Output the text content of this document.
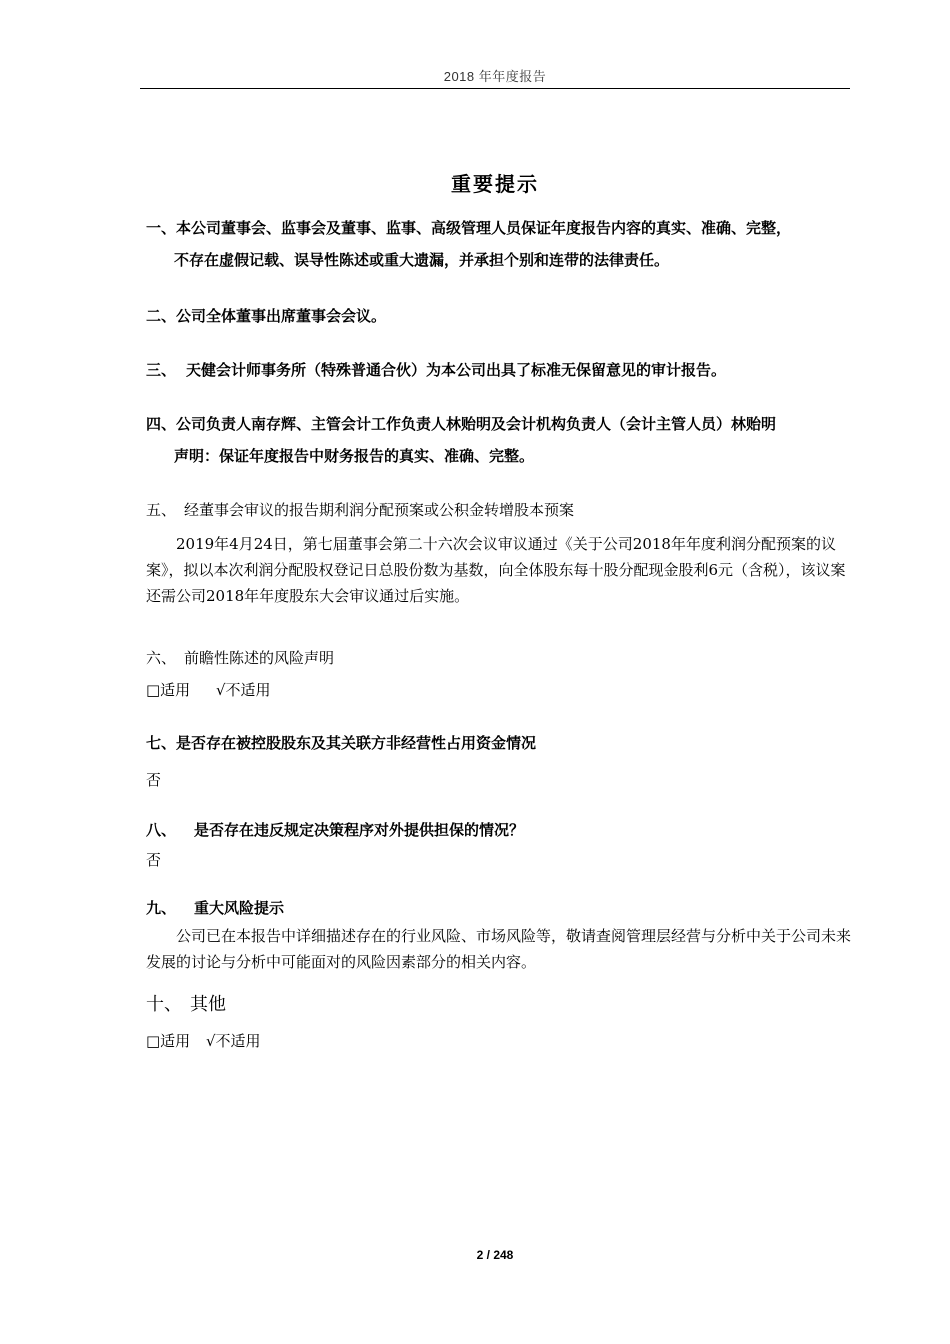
2018 年年度报告
重要提示
一、本公司董事会、监事会及董事、监事、高级管理人员保证年度报告内容的真实、准确、完整，
不存在虚假记载、误导性陈述或重大遗漏，并承担个别和连带的法律责任。
二、公司全体董事出席董事会会议。
三、 天健会计师事务所（特殊普通合伙）为本公司出具了标准无保留意见的审计报告。
四、公司负责人南存辉、主管会计工作负责人林贻明及会计机构负责人（会计主管人员）林贻明
声明：保证年度报告中财务报告的真实、准确、完整。
五、 经董事会审议的报告期利润分配预案或公积金转增股本预案
2019年4月24日，第七届董事会第二十六次会议审议通过《关于公司2018年年度利润分配预案的议案》，拟以本次利润分配股权登记日总股份数为基数，向全体股东每十股分配现金股利6元（含税），该议案还需公司2018年年度股东大会审议通过后实施。
六、 前瞻性陈述的风险声明
□适用 √不适用
七、是否存在被控股股东及其关联方非经营性占用资金情况
否
八、 是否存在违反规定决策程序对外提供担保的情况？
否
九、 重大风险提示
公司已在本报告中详细描述存在的行业风险、市场风险等，敬请查阅管理层经营与分析中关于公司未来发展的讨论与分析中可能面对的风险因素部分的相关内容。
十、 其他
□适用 √不适用
2 / 248
